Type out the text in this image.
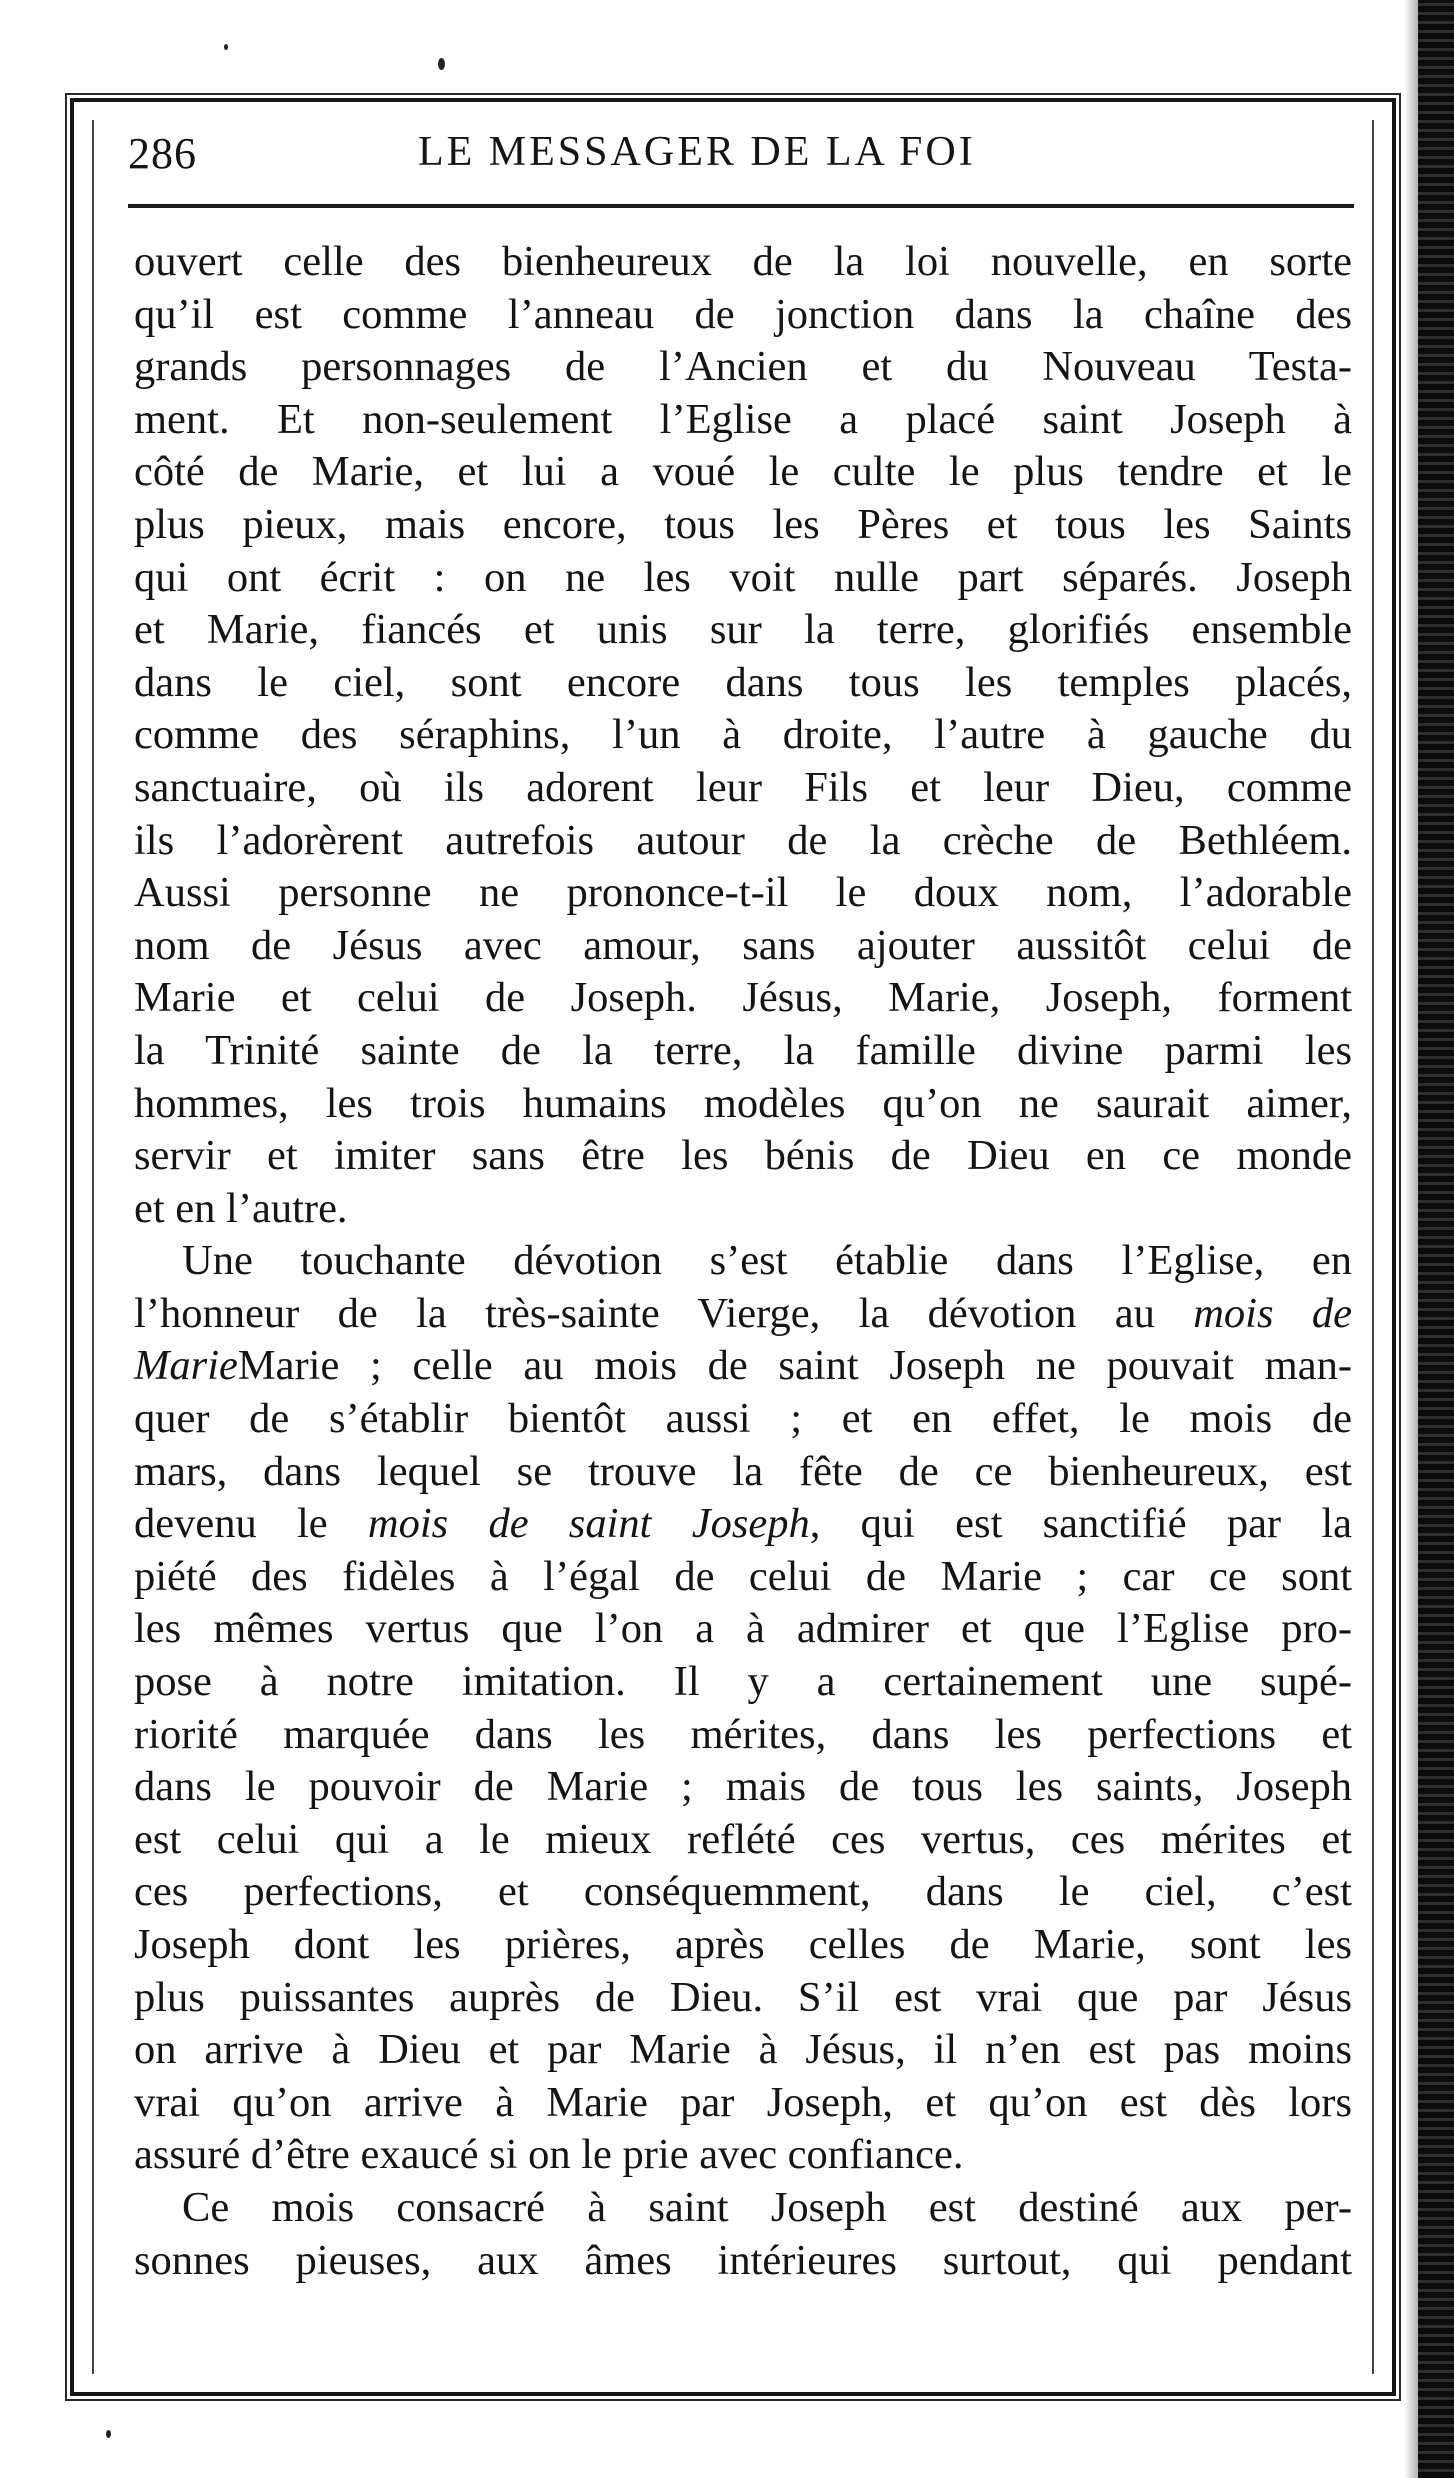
286	LE MESSAGER DE LA FOI

ouvert celle des bienheureux de la loi nouvelle, en sorte

qu’il est comme l’anneau de jonction dans la chaîne des

grands personnages de l’Ancien et du Nouveau Testa-

ment. Et non-seulement l’Eglise a placé saint Joseph à

côté de Marie, et lui a voué le culte le plus tendre et le

plus pieux, mais encore, tous les Pères et tous les Saints

qui ont écrit : on ne les voit nulle part séparés. Joseph

et Marie, fiancés et unis sur la terre, glorifiés ensemble

dans le ciel, sont encore dans tous les temples placés,

comme des séraphins, l’un à droite, l’autre à gauche du

sanctuaire, où ils adorent leur Fils et leur Dieu, comme

ils l’adorèrent autrefois autour de la crèche de Bethléem.

Aussi personne ne prononce-t-il le doux nom, l’adorable

nom de Jésus avec amour, sans ajouter aussitôt celui de

Marie et celui de Joseph. Jésus, Marie, Joseph, forment

la Trinité sainte de la terre, la famille divine parmi les

hommes, les trois humains modèles qu’on ne saurait aimer,

servir et imiter sans être les bénis de Dieu en ce monde

et en l’autre.

Une touchante dévotion s’est établie dans l’Eglise, en

l’honneur de la très-sainte Vierge, la dévotion au mois de

MarieMarie ; celle au mois de saint Joseph ne pouvait man-

quer de s’établir bientôt aussi ; et en effet, le mois de

mars, dans lequel se trouve la fête de ce bienheureux, est

devenu le mois de saint Joseph, qui est sanctifié par la

piété des fidèles à l’égal de celui de Marie ; car ce sont

les mêmes vertus que l’on a à admirer et que l’Eglise pro-

pose à notre imitation. Il y a certainement une supé-

riorité marquée dans les mérites, dans les perfections et

dans le pouvoir de Marie ; mais de tous les saints, Joseph

est celui qui a le mieux reflété ces vertus, ces mérites et

ces perfections, et conséquemment, dans le ciel, c’est

Joseph dont les prières, après celles de Marie, sont les

plus puissantes auprès de Dieu. S’il est vrai que par Jésus

on arrive à Dieu et par Marie à Jésus, il n’en est pas moins

vrai qu’on arrive à Marie par Joseph, et qu’on est dès lors

assuré d’être exaucé si on le prie avec confiance.

Ce mois consacré à saint Joseph est destiné aux per-

sonnes pieuses, aux âmes intérieures surtout, qui pendant
